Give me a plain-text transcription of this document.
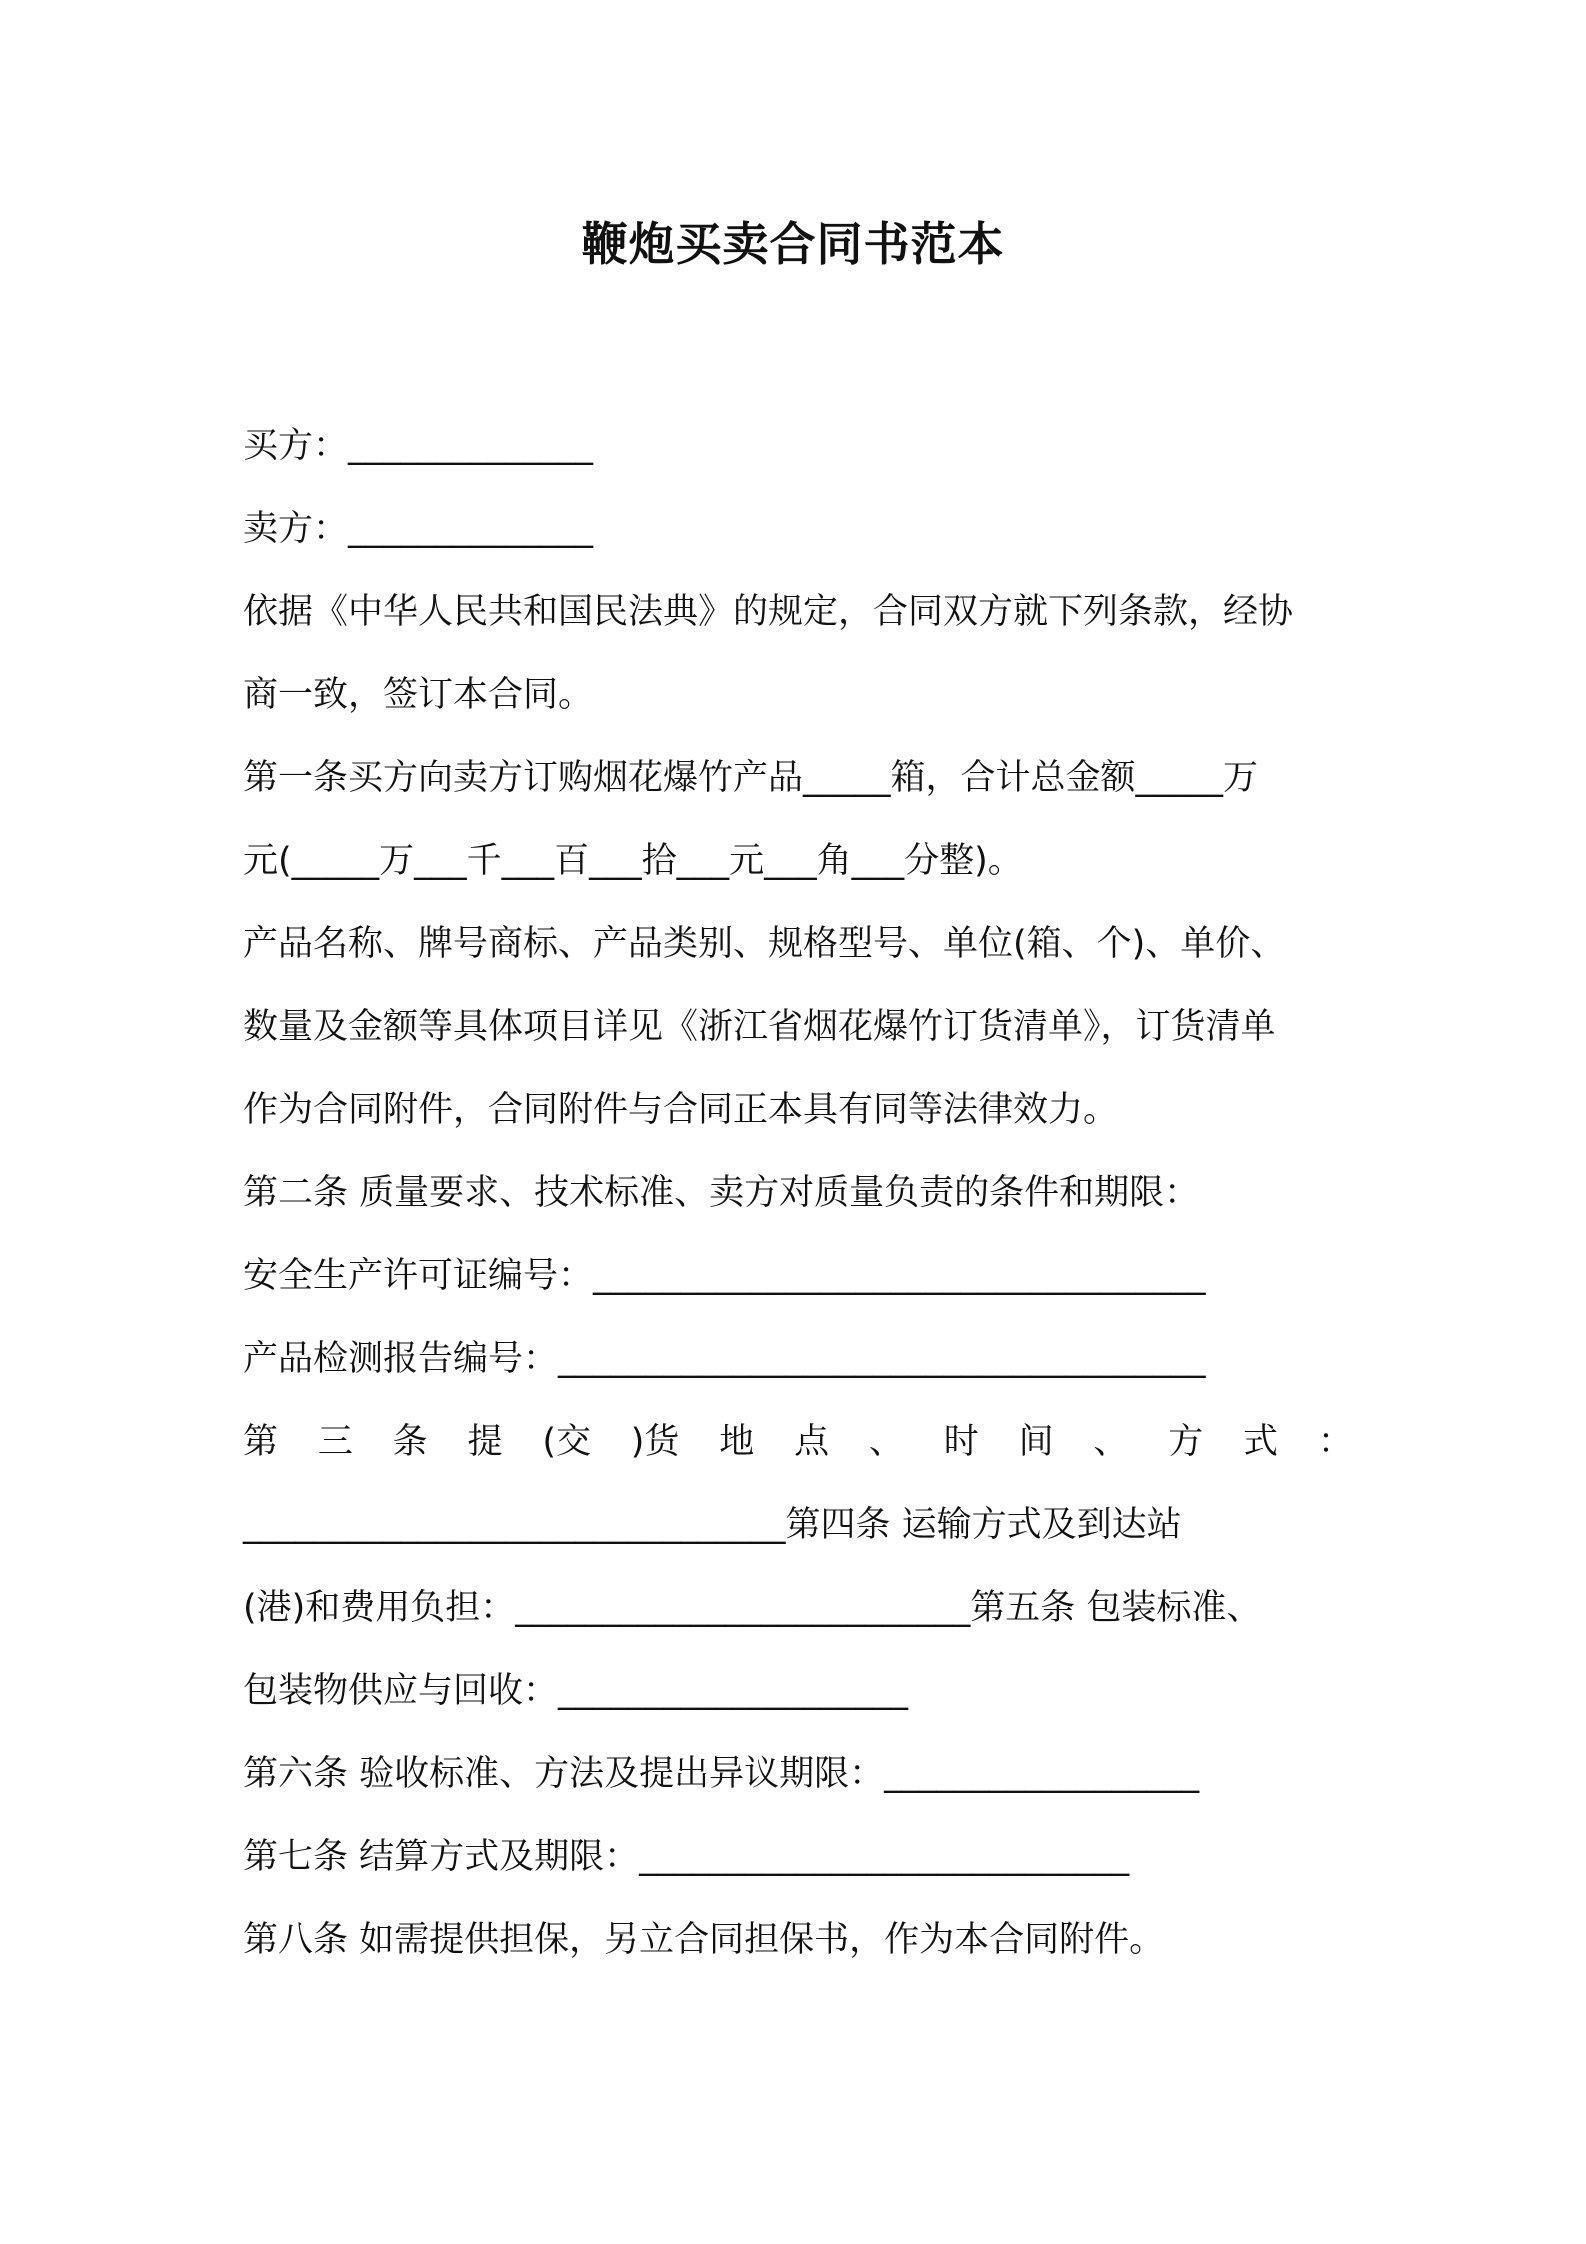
鞭炮买卖合同书范本
买方：______________
卖方：______________
依据《中华人民共和国民法典》的规定，合同双方就下列条款，经协
商一致，签订本合同。
第一条买方向卖方订购烟花爆竹产品_____箱，合计总金额_____万
元(_____万___千___百___拾___元___角___分整)。
产品名称、牌号商标、产品类别、规格型号、单位(箱、个)、单价、
数量及金额等具体项目详见《浙江省烟花爆竹订货清单》，订货清单
作为合同附件，合同附件与合同正本具有同等法律效力。
第二条 质量要求、技术标准、卖方对质量负责的条件和期限：
安全生产许可证编号：___________________________________
产品检测报告编号：_____________________________________
第 三 条 提 (交 )货 地 点 、 时 间 、 方 式 ：
_______________________________第四条 运输方式及到达站
(港)和费用负担：__________________________第五条 包装标准、
包装物供应与回收：____________________
第六条 验收标准、方法及提出异议期限：__________________
第七条 结算方式及期限：____________________________
第八条 如需提供担保，另立合同担保书，作为本合同附件。
